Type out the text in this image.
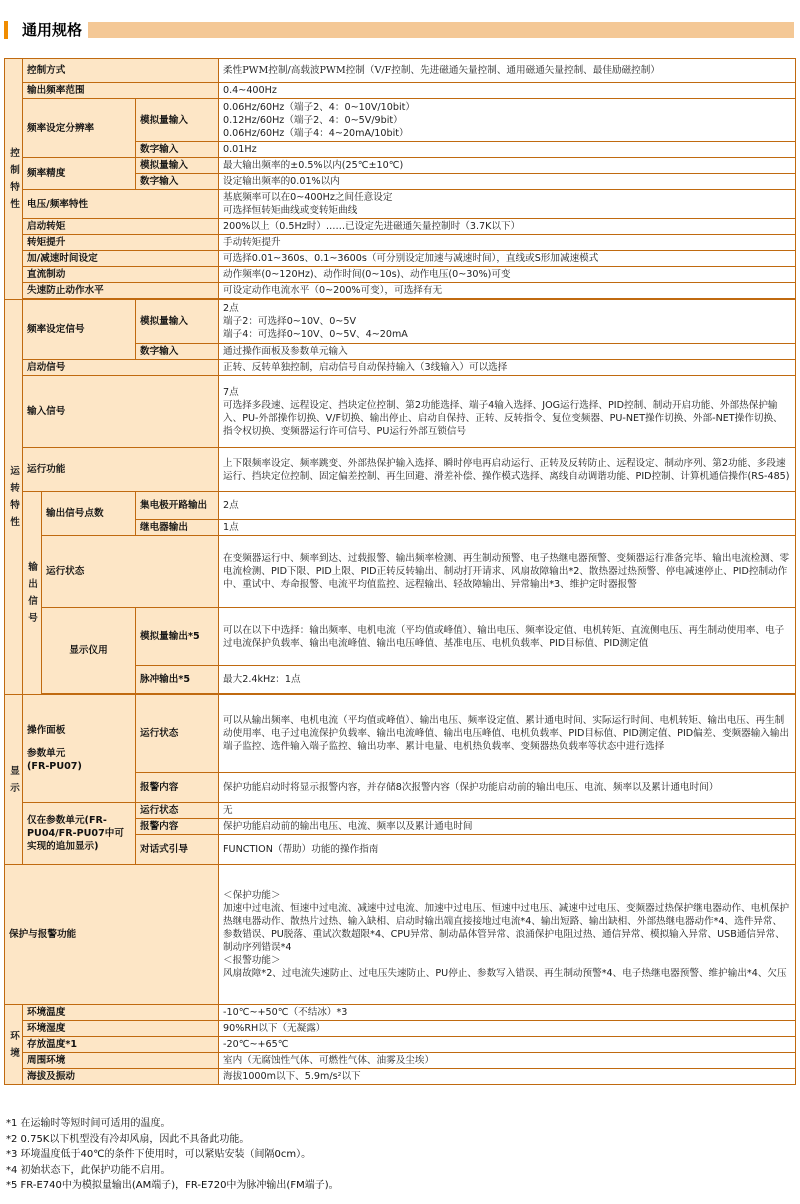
通用规格
控制特性	控制方式			柔性PWM控制/高载波PWM控制（V/F控制、先进磁通矢量控制、通用磁通矢量控制、最佳励磁控制）
	输出频率范围			0.4~400Hz
	频率设定分辨率		模拟量输入	0.06Hz/60Hz（端子2、4：0~10V/10bit）
0.12Hz/60Hz（端子2、4：0~5V/9bit）
0.06Hz/60Hz（端子4：4~20mA/10bit）

			数字输入	0.01Hz
	频率精度		模拟量输入	最大输出频率的±0.5%以内(25℃±10℃)
			数字输入	设定输出频率的0.01%以内
	电压/频率特性			基底频率可以在0~400Hz之间任意设定
可选择恒转矩曲线或变转矩曲线

	启动转矩			200%以上（0.5Hz时）……已设定先进磁通矢量控制时（3.7K以下）
	转矩提升			手动转矩提升
	加/减速时间设定			可选择0.01~360s、0.1~3600s（可分别设定加速与减速时间），直线或S形加减速模式
	直流制动			动作频率(0~120Hz)、动作时间(0~10s)、动作电压(0~30%)可变
	失速防止动作水平			可设定动作电流水平（0~200%可变），可选择有无

运转特性	频率设定信号		模拟量输入	2点
端子2：可选择0~10V、0~5V
端子4：可选择0~10V、0~5V、4~20mA

			数字输入	通过操作面板及参数单元输入
	启动信号			正转、反转单独控制，启动信号自动保持输入（3线输入）可以选择
	输入信号			7点
可选择多段速、远程设定、挡块定位控制、第2功能选择、端子4输入选择、JOG运行选择、PID控制、制动开启功能、外部热保护输入、PU-外部操作切换、V/F切换、输出停止、启动自保持、正转、反转指令、复位变频器、PU-NET操作切换、外部-NET操作切换、指令权切换、变频器运行许可信号、PU运行外部互锁信号
	运行功能			上下限频率设定、频率跳变、外部热保护输入选择、瞬时停电再启动运行、正转及反转防止、远程设定、制动序列、第2功能、多段速运行、挡块定位控制、固定偏差控制、再生回避、滑差补偿、操作模式选择、离线自动调谐功能、PID控制、计算机通信操作(RS-485)

	输出信号	输出信号点数	集电极开路输出	2点
			继电器输出	1点
		运行状态		在变频器运行中、频率到达、过载报警、输出频率检测、再生制动预警、电子热继电器预警、变频器运行准备完毕、输出电流检测、零电流检测、PID下限、PID上限、PID正转反转输出、制动打开请求、风扇故障输出*2、散热器过热预警、停电减速停止、PID控制动作中、重试中、寿命报警、电流平均值监控、远程输出、轻故障输出、异常输出*3、维护定时器报警
		显示仪用	模拟量输出*5	可以在以下中选择：输出频率、电机电流（平均值或峰值）、输出电压、频率设定值、电机转矩、直流侧电压、再生制动使用率、电子过电流保护负载率、输出电流峰值、输出电压峰值、基准电压、电机负载率、PID目标值、PID测定值
			脉冲输出*5	最大2.4kHz：1点

显示	操作面板
参数单元
(FR-PU07)		运行状态	可以从输出频率、电机电流（平均值或峰值）、输出电压、频率设定值、累计通电时间、实际运行时间、电机转矩、输出电压、再生制动使用率、电子过电流保护负载率、输出电流峰值、输出电压峰值、电机负载率、PID目标值、PID测定值、PID偏差、变频器输入输出端子监控、选件输入端子监控、输出功率、累计电量、电机热负载率、变频器热负载率等状态中进行选择
			报警内容	保护功能启动时将显示报警内容，并存储8次报警内容（保护功能启动前的输出电压、电流、频率以及累计通电时间）
	仅在参数单元(FR-PU04/FR-PU07中可实现的追加显示)		运行状态	无
			报警内容	保护功能启动前的输出电压、电流、频率以及累计通电时间
			对话式引导	FUNCTION（帮助）功能的操作指南
保护与报警功能				＜保护功能＞
加速中过电流、恒速中过电流、减速中过电流、加速中过电压、恒速中过电压、减速中过电压、变频器过热保护继电器动作、电机保护热继电器动作、散热片过热、输入缺相、启动时输出端直接接地过电流*4、输出短路、输出缺相、外部热继电器动作*4、选件异常、参数错误、PU脱落、重试次数超限*4、CPU异常、制动晶体管异常、浪涌保护电阻过热、通信异常、模拟输入异常、USB通信异常、制动序列错误*4
＜报警功能＞
风扇故障*2、过电流失速防止、过电压失速防止、PU停止、参数写入错误、再生制动预警*4、电子热继电器预警、维护输出*4、欠压

环境	环境温度			-10℃~+50℃（不结冰）*3
	环境湿度			90%RH以下（无凝露）
	存放温度*1			-20℃~+65℃
	周围环境			室内（无腐蚀性气体、可燃性气体、油雾及尘埃）
	海拔及振动			海拔1000m以下、5.9m/s²以下
*1 在运输时等短时间可适用的温度。
*2 0.75K以下机型没有冷却风扇，因此不具备此功能。
*3 环境温度低于40℃的条件下使用时，可以紧贴安装（间隔0cm）。
*4 初始状态下，此保护功能不启用。
*5 FR-E740中为模拟量输出(AM端子)，FR-E720中为脉冲输出(FM端子)。
